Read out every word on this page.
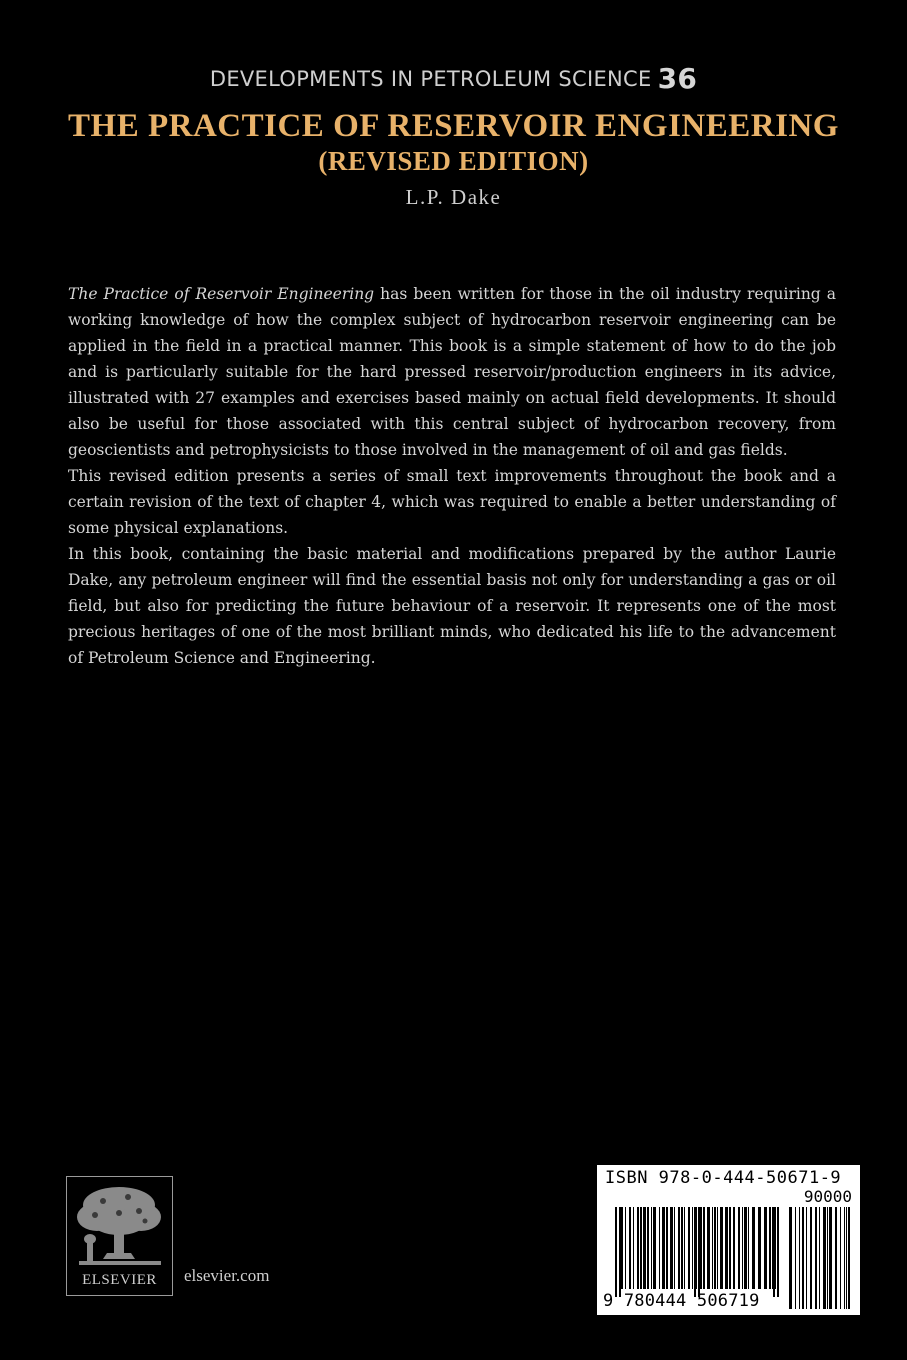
DEVELOPMENTS IN PETROLEUM SCIENCE 36
THE PRACTICE OF RESERVOIR ENGINEERING
(REVISED EDITION)
L.P. Dake

The Practice of Reservoir Engineering has been written for those in the oil industry requiring a working knowledge of how the complex subject of hydrocarbon reservoir engineering can be applied in the field in a practical manner. This book is a simple statement of how to do the job and is particularly suitable for the hard pressed reservoir/production engineers in its advice, illustrated with 27 examples and exercises based mainly on actual field developments. It should also be useful for those associated with this central subject of hydrocarbon recovery, from geoscientists and petrophysicists to those involved in the management of oil and gas fields.

This revised edition presents a series of small text improvements throughout the book and a certain revision of the text of chapter 4, which was required to enable a better understanding of some physical explanations.

In this book, containing the basic material and modifications prepared by the author Laurie Dake, any petroleum engineer will find the essential basis not only for understanding a gas or oil field, but also for predicting the future behaviour of a reservoir. It represents one of the most precious heritages of one of the most brilliant minds, who dedicated his life to the advancement of Petroleum Science and Engineering.

ELSEVIER	elsevier.com
ISBN 978-0-444-50671-9
90000
9 780444 506719
